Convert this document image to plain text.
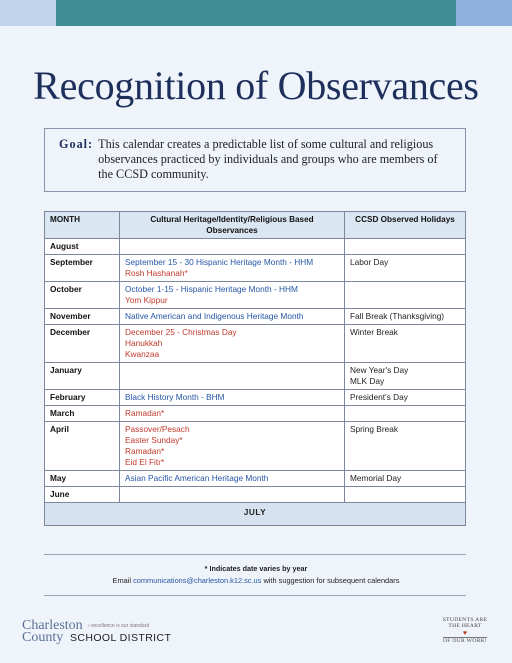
Recognition of Observances
Goal: This calendar creates a predictable list of some cultural and religious observances practiced by individuals and groups who are members of the CCSD community.
MONTH	Cultural Heritage/Identity/Religious Based Observances	CCSD Observed Holidays
August		
September	September 15 - 30 Hispanic Heritage Month - HHM
Rosh Hashanah*	Labor Day

October	October 1-15 - Hispanic Heritage Month - HHM
Yom Kippur	

November	Native American and Indigenous Heritage Month	Fall Break (Thanksgiving)

December	December 25 - Christmas Day
Hanukkah
Kwanzaa	Winter Break

January		New Year's Day
MLK Day

February	Black History Month - BHM	President's Day

March	Ramadan*	

April	Passover/Pesach
Easter Sunday*
Ramadan*
Eid El Fitr*	Spring Break

May	Asian Pacific American Heritage Month	Memorial Day

June		
JULY		
* Indicates date varies by year
Email communications@charleston.k12.sc.us with suggestion for subsequent calendars
Charleston › excellence is our standard
County SCHOOL DISTRICT
STUDENTS ARE
THE HEART
♥
OF OUR WORK!
